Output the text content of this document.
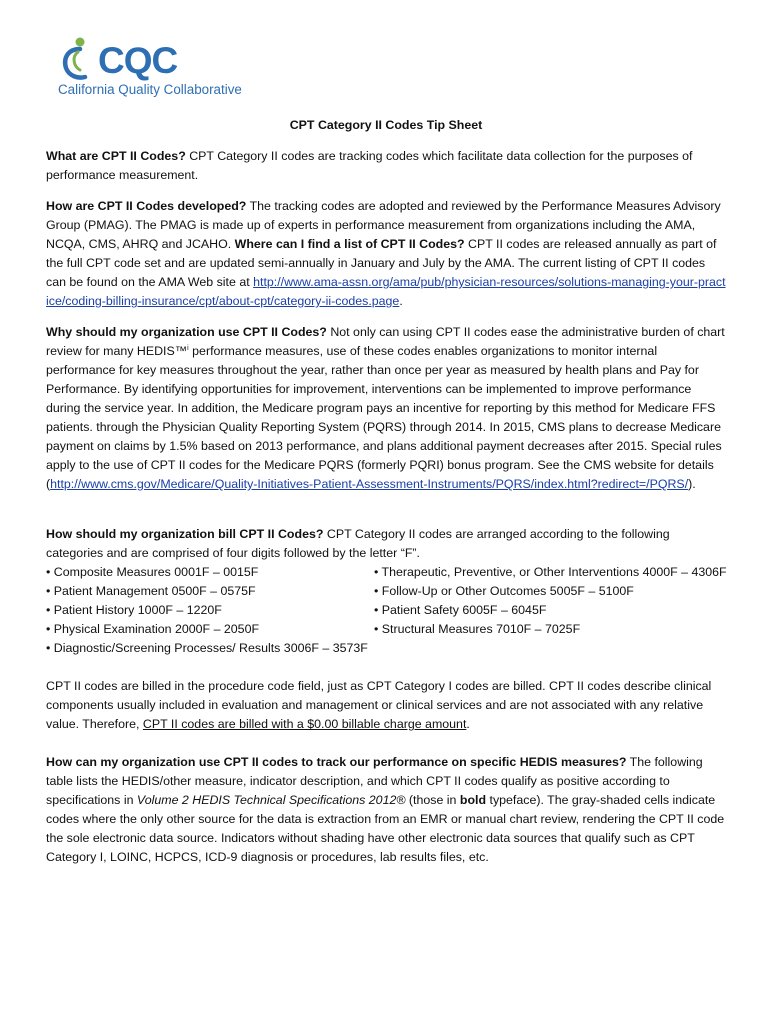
CQC
California Quality Collaborative
CPT Category II Codes Tip Sheet

What are CPT II Codes? CPT Category II codes are tracking codes which facilitate data collection for the purposes of performance measurement.

How are CPT II Codes developed? The tracking codes are adopted and reviewed by the Performance Measures Advisory Group (PMAG). The PMAG is made up of experts in performance measurement from organizations including the AMA, NCQA, CMS, AHRQ and JCAHO. Where can I find a list of CPT II Codes? CPT II codes are released annually as part of the full CPT code set and are updated semi-annually in January and July by the AMA. The current listing of CPT II codes can be found on the AMA Web site at http://www.ama-assn.org/ama/pub/physician-resources/solutions-managing-your-practice/coding-billing-insurance/cpt/about-cpt/category-ii-codes.page.

Why should my organization use CPT II Codes? Not only can using CPT II codes ease the administrative burden of chart review for many HEDIS™$^i$ performance measures, use of these codes enables organizations to monitor internal performance for key measures throughout the year, rather than once per year as measured by health plans and Pay for Performance. By identifying opportunities for improvement, interventions can be implemented to improve performance during the service year. In addition, the Medicare program pays an incentive for reporting by this method for Medicare FFS patients. through the Physician Quality Reporting System (PQRS) through 2014. In 2015, CMS plans to decrease Medicare payment on claims by 1.5% based on 2013 performance, and plans additional payment decreases after 2015. Special rules apply to the use of CPT II codes for the Medicare PQRS (formerly PQRI) bonus program. See the CMS website for details (http://www.cms.gov/Medicare/Quality-Initiatives-Patient-Assessment-Instruments/PQRS/index.html?redirect=/PQRS/).

How should my organization bill CPT II Codes? CPT Category II codes are arranged according to the following categories and are comprised of four digits followed by the letter “F”.

• Composite Measures 0001F – 0015F	• Therapeutic, Preventive, or Other Interventions 4000F – 4306F
• Patient Management 0500F – 0575F	• Follow-Up or Other Outcomes 5005F – 5100F
• Patient History 1000F – 1220F	• Patient Safety 6005F – 6045F
• Physical Examination 2000F – 2050F	• Structural Measures 7010F – 7025F
• Diagnostic/Screening Processes/ Results 3006F – 3573F

CPT II codes are billed in the procedure code field, just as CPT Category I codes are billed. CPT II codes describe clinical components usually included in evaluation and management or clinical services and are not associated with any relative value. Therefore, CPT II codes are billed with a $0.00 billable charge amount.

How can my organization use CPT II codes to track our performance on specific HEDIS measures? The following table lists the HEDIS/other measure, indicator description, and which CPT II codes qualify as positive according to specifications in Volume 2 HEDIS Technical Specifications 2012® (those in bold typeface). The gray-shaded cells indicate codes where the only other source for the data is extraction from an EMR or manual chart review, rendering the CPT II code the sole electronic data source. Indicators without shading have other electronic data sources that qualify such as CPT Category I, LOINC, HCPCS, ICD-9 diagnosis or procedures, lab results files, etc.
